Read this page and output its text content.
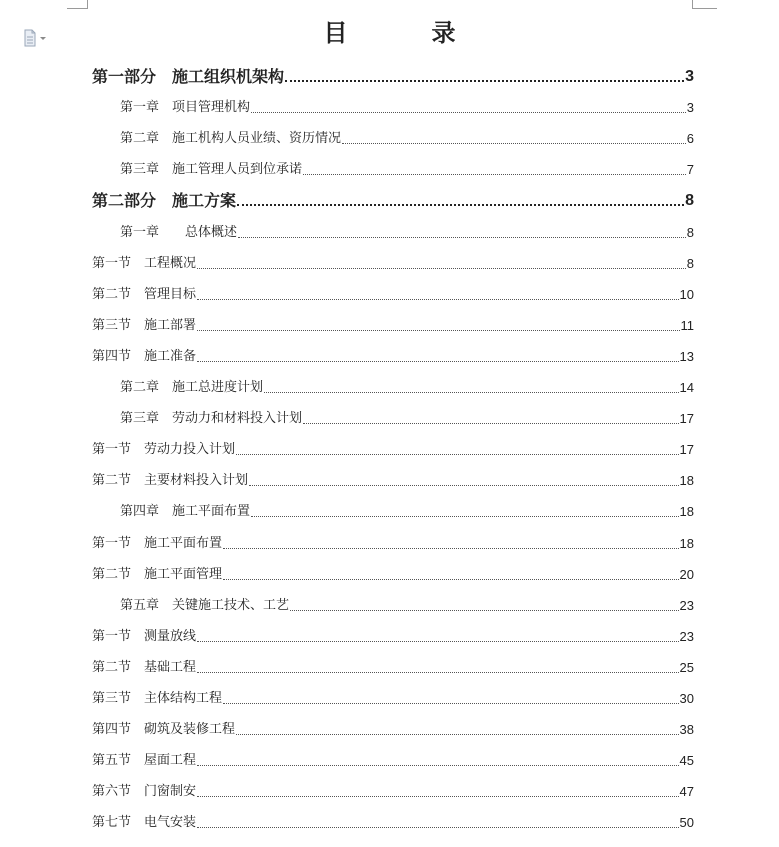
目　录
第一部分　施工组织机架构	3
第一章　项目管理机构	3
第二章　施工机构人员业绩、资历情况	6
第三章　施工管理人员到位承诺	7
第二部分　施工方案	8
第一章　　总体概述	8
第一节　工程概况	8
第二节　管理目标	10
第三节　施工部署	11
第四节　施工准备	13
第二章　施工总进度计划	14
第三章　劳动力和材料投入计划	17
第一节　劳动力投入计划	17
第二节　主要材料投入计划	18
第四章　施工平面布置	18
第一节　施工平面布置	18
第二节　施工平面管理	20
第五章　关键施工技术、工艺	23
第一节　测量放线	23
第二节　基础工程	25
第三节　主体结构工程	30
第四节　砌筑及装修工程	38
第五节　屋面工程	45
第六节　门窗制安	47
第七节　电气安装	50
